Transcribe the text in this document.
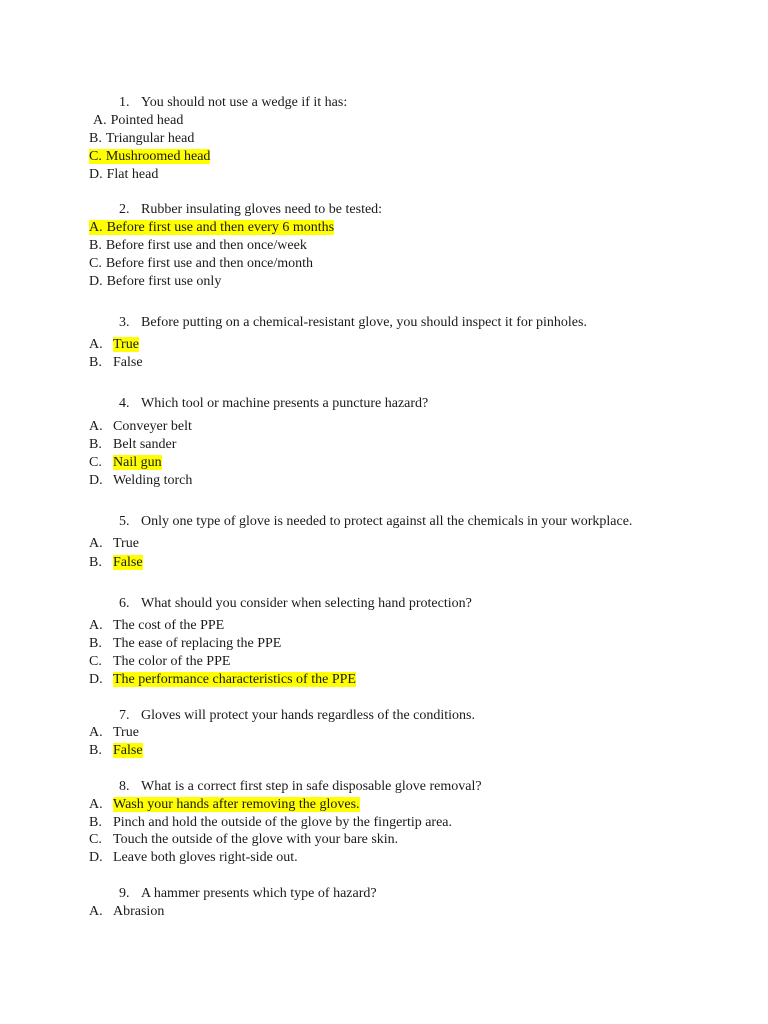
1. You should not use a wedge if it has:
A. Pointed head
B. Triangular head
C. Mushroomed head
D. Flat head
2. Rubber insulating gloves need to be tested:
A. Before first use and then every 6 months
B. Before first use and then once/week
C. Before first use and then once/month
D. Before first use only
3. Before putting on a chemical-resistant glove, you should inspect it for pinholes.
A. True
B. False
4. Which tool or machine presents a puncture hazard?
A. Conveyer belt
B. Belt sander
C. Nail gun
D. Welding torch
5. Only one type of glove is needed to protect against all the chemicals in your workplace.
A. True
B. False
6. What should you consider when selecting hand protection?
A. The cost of the PPE
B. The ease of replacing the PPE
C. The color of the PPE
D. The performance characteristics of the PPE
7. Gloves will protect your hands regardless of the conditions.
A. True
B. False
8. What is a correct first step in safe disposable glove removal?
A. Wash your hands after removing the gloves.
B. Pinch and hold the outside of the glove by the fingertip area.
C. Touch the outside of the glove with your bare skin.
D. Leave both gloves right-side out.
9. A hammer presents which type of hazard?
A. Abrasion
